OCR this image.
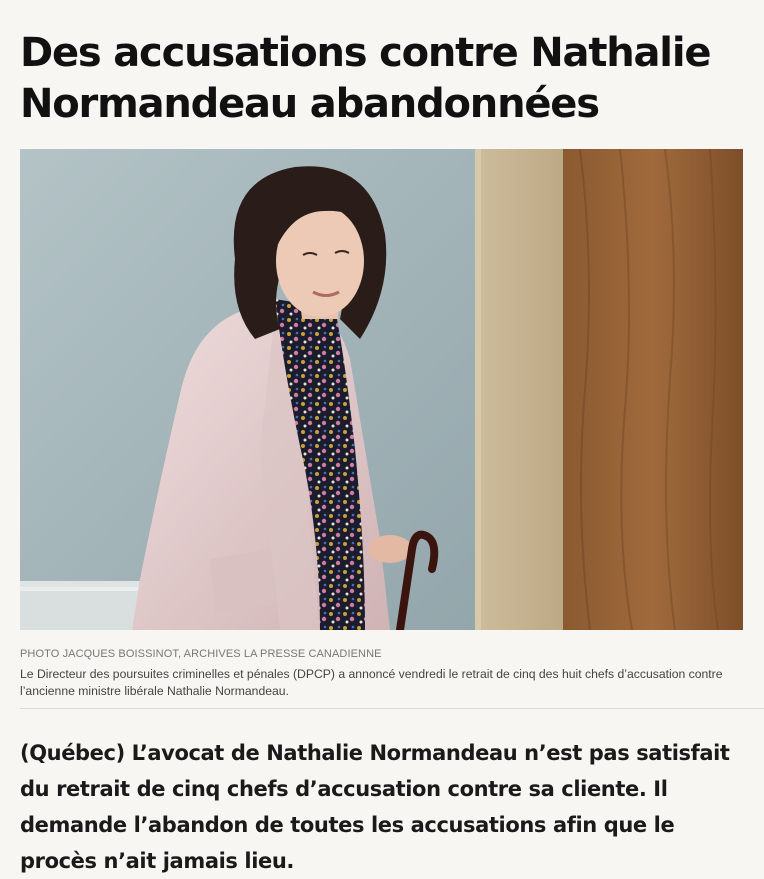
Des accusations contre Nathalie Normandeau abandonnées
PHOTO JACQUES BOISSINOT, ARCHIVES LA PRESSE CANADIENNE
Le Directeur des poursuites criminelles et pénales (DPCP) a annoncé vendredi le retrait de cinq des huit chefs d’accusation contre l’ancienne ministre libérale Nathalie Normandeau.

(Québec) L’avocat de Nathalie Normandeau n’est pas satisfait du retrait de cinq chefs d’accusation contre sa cliente. Il demande l’abandon de toutes les accusations afin que le procès n’ait jamais lieu.
